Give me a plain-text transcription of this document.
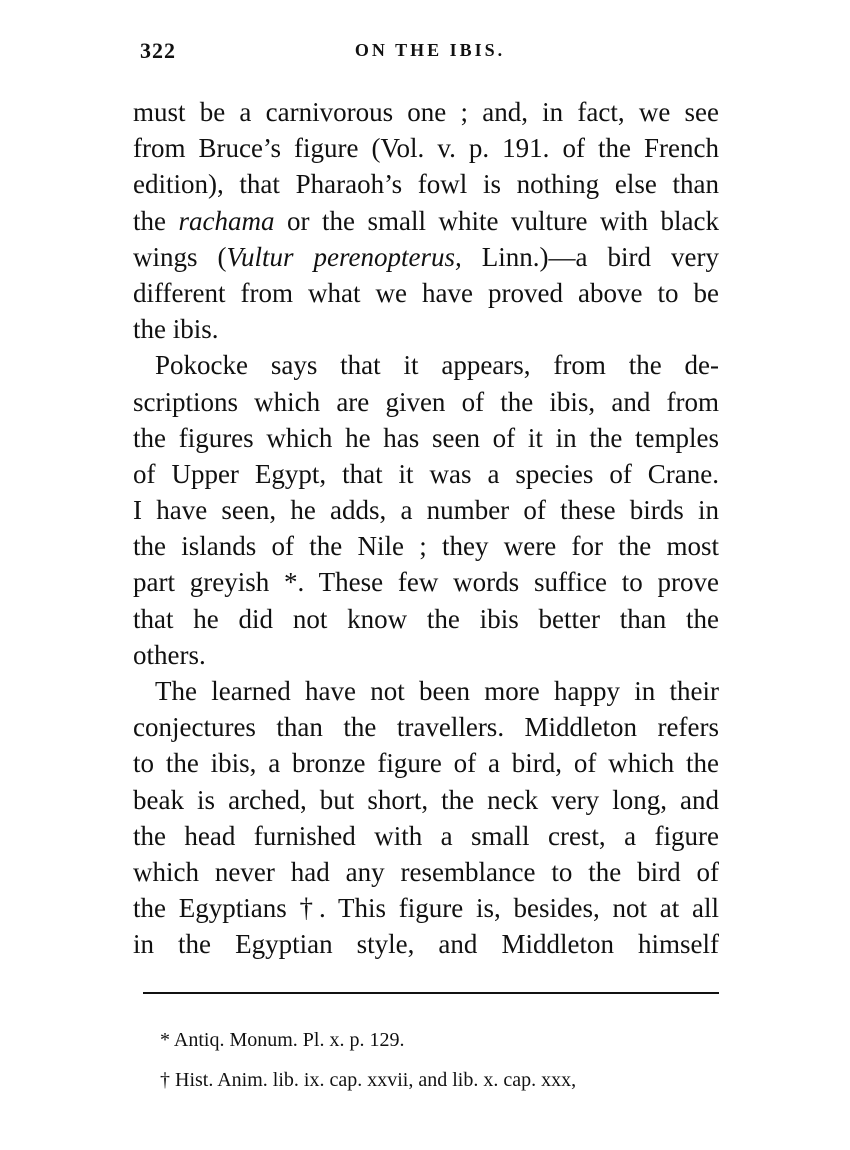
322	ON THE IBIS.
must be a carnivorous one ; and, in fact, we see
from Bruce’s figure (Vol. v. p. 191. of the French
edition), that Pharaoh’s fowl is nothing else than
the rachama or the small white vulture with black
wings (Vultur perenopterus, Linn.)—a bird very
different from what we have proved above to be
the ibis.
Pokocke says that it appears, from the de-
scriptions which are given of the ibis, and from
the figures which he has seen of it in the temples
of Upper Egypt, that it was a species of Crane.
I have seen, he adds, a number of these birds in
the islands of the Nile ; they were for the most
part greyish *. These few words suffice to prove
that he did not know the ibis better than the
others.
The learned have not been more happy in their
conjectures than the travellers. Middleton refers
to the ibis, a bronze figure of a bird, of which the
beak is arched, but short, the neck very long, and
the head furnished with a small crest, a figure
which never had any resemblance to the bird of
the Egyptians †. This figure is, besides, not at all
in the Egyptian style, and Middleton himself
* Antiq. Monum. Pl. x. p. 129.
† Hist. Anim. lib. ix. cap. xxvii, and lib. x. cap. xxx,
